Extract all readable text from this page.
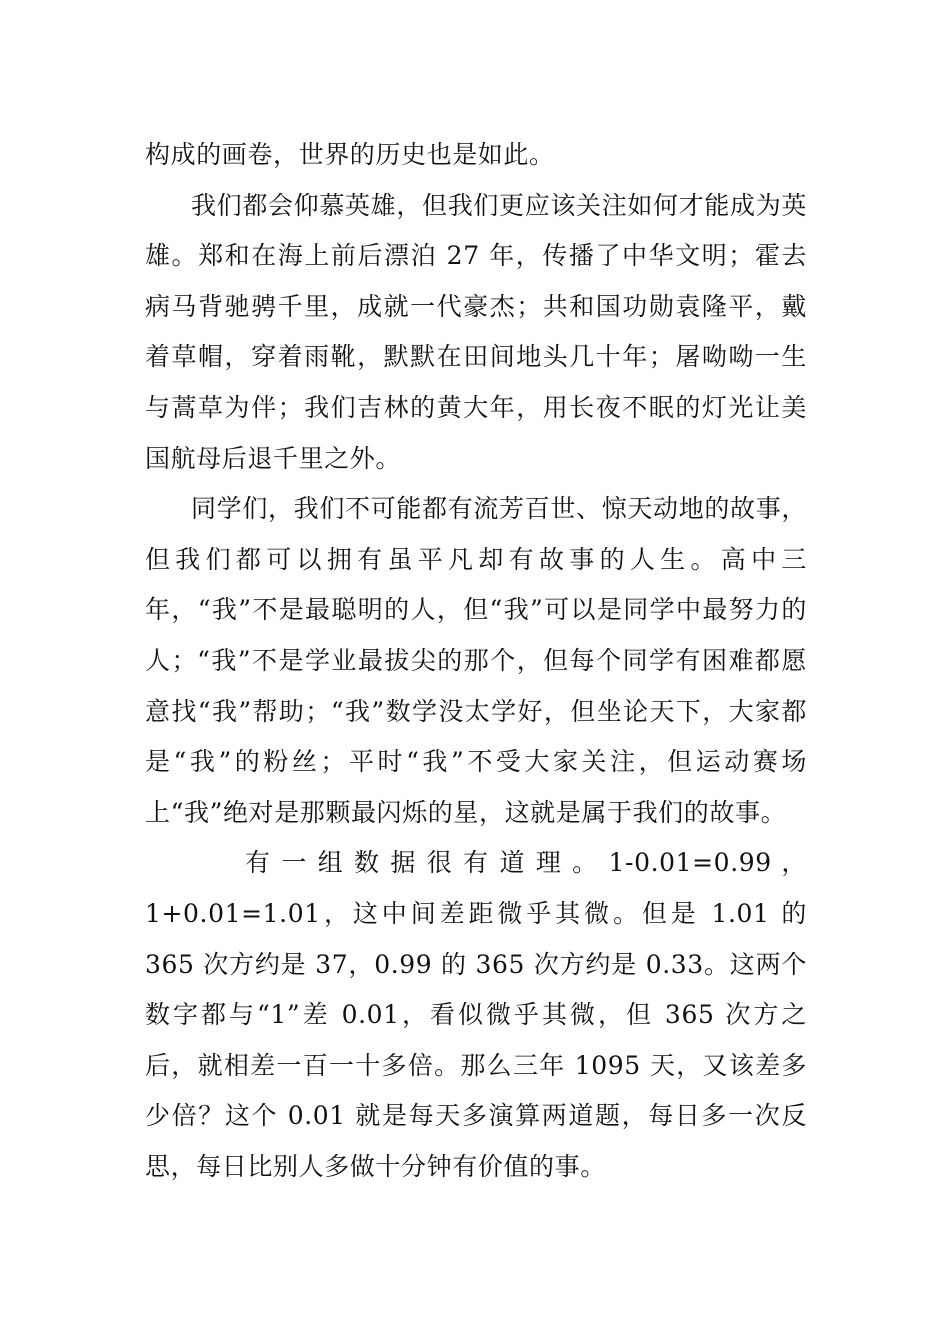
构成的画卷，世界的历史也是如此。

我们都会仰慕英雄，但我们更应该关注如何才能成为英雄。郑和在海上前后漂泊 27 年，传播了中华文明；霍去病马背驰骋千里，成就一代豪杰；共和国功勋袁隆平，戴着草帽，穿着雨靴，默默在田间地头几十年；屠呦呦一生与蒿草为伴；我们吉林的黄大年，用长夜不眠的灯光让美国航母后退千里之外。

同学们，我们不可能都有流芳百世、惊天动地的故事，但我们都可以拥有虽平凡却有故事的人生。高中三年，“我”不是最聪明的人，但“我”可以是同学中最努力的人；“我”不是学业最拔尖的那个，但每个同学有困难都愿意找“我”帮助；“我”数学没太学好，但坐论天下，大家都是“我”的粉丝；平时“我”不受大家关注，但运动赛场上“我”绝对是那颗最闪烁的星，这就是属于我们的故事。

有 一 组 数 据 很 有 道 理 。 1-0.01=0.99 ，
1+0.01=1.01，这中间差距微乎其微。但是 1.01 的 365 次方约是 37，0.99 的 365 次方约是 0.33。这两个数字都与“1”差 0.01，看似微乎其微，但 365 次方之后，就相差一百一十多倍。那么三年 1095 天，又该差多少倍？这个 0.01 就是每天多演算两道题，每日多一次反思，每日比别人多做十分钟有价值的事。
